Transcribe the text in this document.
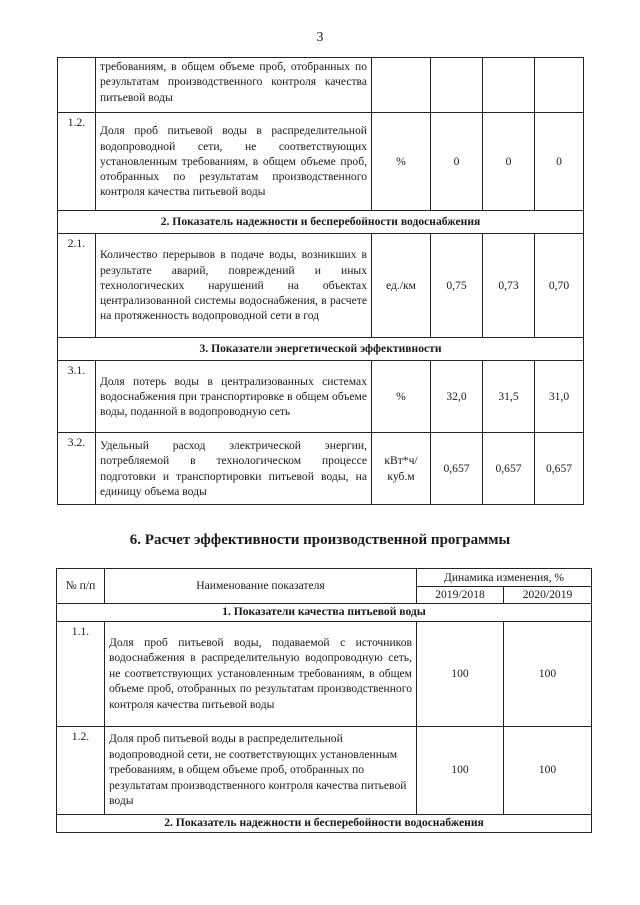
3
	требованиям, в общем объеме проб, отобранных по результатам производственного контроля качества питьевой воды				
1.2.	Доля проб питьевой воды в распределительной водопроводной сети, не соответствующих установленным требованиям, в общем объеме проб, отобранных по результатам производственного контроля качества питьевой воды	%	0	0	0
2. Показатель надежности и бесперебойности водоснабжения					
2.1.	Количество перерывов в подаче воды, возникших в результате аварий, повреждений и иных технологических нарушений на объектах централизованной системы водоснабжения, в расчете на протяженность водопроводной сети в год	ед./км	0,75	0,73	0,70
3. Показатели энергетической эффективности					
3.1.	Доля потерь воды в централизованных системах водоснабжения при транспортировке в общем объеме воды, поданной в водопроводную сеть	%	32,0	31,5	31,0
3.2.	Удельный расход электрической энергии, потребляемой в технологическом процессе подготовки и транспортировки питьевой воды, на единицу объема воды	кВт*ч/ куб.м	0,657	0,657	0,657
6. Расчет эффективности производственной программы
№ п/п	Наименование показателя	Динамика изменения, %	
		2019/2018	2020/2019
1. Показатели качества питьевой воды			
1.1.	Доля проб питьевой воды, подаваемой с источников водоснабжения в распределительную водопроводную сеть, не соответствующих установленным требованиям, в общем объеме проб, отобранных по результатам производственного контроля качества питьевой воды	100	100
1.2.	Доля проб питьевой воды в распределительной водопроводной сети, не соответствующих установленным требованиям, в общем объеме проб, отобранных по результатам производственного контроля качества питьевой воды	100	100
2. Показатель надежности и бесперебойности водоснабжения			
